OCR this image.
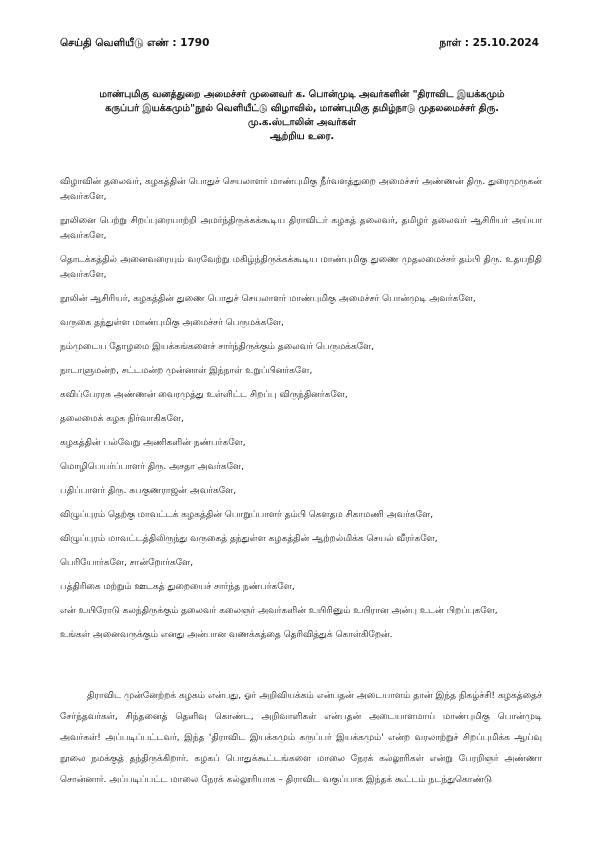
செய்தி வெளியீடு எண் : 1790	நாள் : 25.10.2024
மாண்புமிகு வனத்துறை அமைச்சர் முனைவர் க. பொன்முடி அவர்களின் "திராவிட இயக்கமும்
கருப்பர் இயக்கமும்"நூல் வெளியீட்டு விழாவில், மாண்புமிகு தமிழ்நாடு முதலமைச்சர் திரு.
மு.க.ஸ்டாலின் அவர்கள்
ஆற்றிய உரை.

விழாவின் தலைவர், கழகத்தின் பொதுச் செயலாளர் மாண்புமிகு நீர்வளத்துறை அமைச்சர் அண்ணன் திரு. துரைமுருகன் அவர்களே,

நூலினை பெற்று சிறப்புரையாற்றி அமர்ந்திருக்கக்கூடிய திராவிடர் கழகத் தலைவர், தமிழர் தலைவர் ஆசிரியர் அய்யா அவர்களே,

தொடக்கத்தில் அனைவரையும் வரவேற்று மகிழ்ந்திருக்கக்கூடிய மாண்புமிகு துணை முதலமைச்சர் தம்பி திரு. உதயநிதி அவர்களே,

நூலின் ஆசிரியர், கழகத்தின் துணை பொதுச் செயலாளர் மாண்புமிகு அமைச்சர் பொன்முடி அவர்களே,

வருகை தந்துள்ள மாண்புமிகு அமைச்சர் பெருமக்களே,

நம்முடைய தோழமை இயக்கங்களைச் சார்ந்திருக்கும் தலைவர் பெருமக்களே,

நாடாளுமன்ற, சட்டமன்ற முன்னாள் இந்நாள் உறுப்பினர்களே,

கவிப்பேரரசு அண்ணன் வைரமுத்து உள்ளிட்ட சிறப்பு விருந்தினர்களே,

தலைமைக் கழக நிர்வாகிகளே,

கழகத்தின் பல்வேறு அணிகளின் நண்பர்களே,

மொழிபெயர்ப்பாளர் திரு. அசதா அவர்களே,

பதிப்பாளர் திரு. சுபகுணராஜன் அவர்களே,

விழுப்புரம் தெற்கு மாவட்டக் கழகத்தின் பொறுப்பாளர் தம்பி கௌதம சிகாமணி அவர்களே,

விழுப்புரம் மாவட்டத்திலிருந்து வருகைத் தந்துள்ள கழகத்தின் ஆற்றல்மிக்க செயல் வீரர்களே,

பெரியோர்களே, சான்றோர்களே,

பத்திரிகை மற்றும் ஊடகத் துறையைச் சார்ந்த நண்பர்களே,

என் உயிரோடு கலந்திருக்கும் தலைவர் கலைஞர் அவர்களின் உயிரினும் உயிரான அன்பு உடன் பிறப்புகளே,

உங்கள் அனைவருக்கும் எனது அன்பான வணக்கத்தை தெரிவித்துக் கொள்கிறேன்.

திராவிட முன்னேற்றக் கழகம் என்பது, ஓர் அறிவியக்கம் என்பதன் அடையாளம் தான் இந்த நிகழ்ச்சி! கழகத்தைச் சேர்ந்தவர்கள், சிந்தனைத் தெளிவு கொண்ட, அறிவாளிகள் என்பதன் அடையாளமாய் மாண்புமிகு பொன்முடி அவர்கள்! அப்படிப்பட்டவர், இந்த 'திராவிட இயக்கமும் கருப்பர் இயக்கமும்' என்ற வரலாற்றுச் சிறப்புமிக்க ஆய்வு நூலை நமக்குத் தந்திருக்கிறார். கழகப் பொதுக்கூட்டங்களை மாலை நேரக் கல்லூரிகள் என்று பேரறிஞர் அண்ணா சொன்னார். அப்படிப்பட்ட மாலை நேரக் கல்லூரியாக – திராவிட வகுப்பாக இந்தக் கூட்டம் நடந்துகொண்டு
